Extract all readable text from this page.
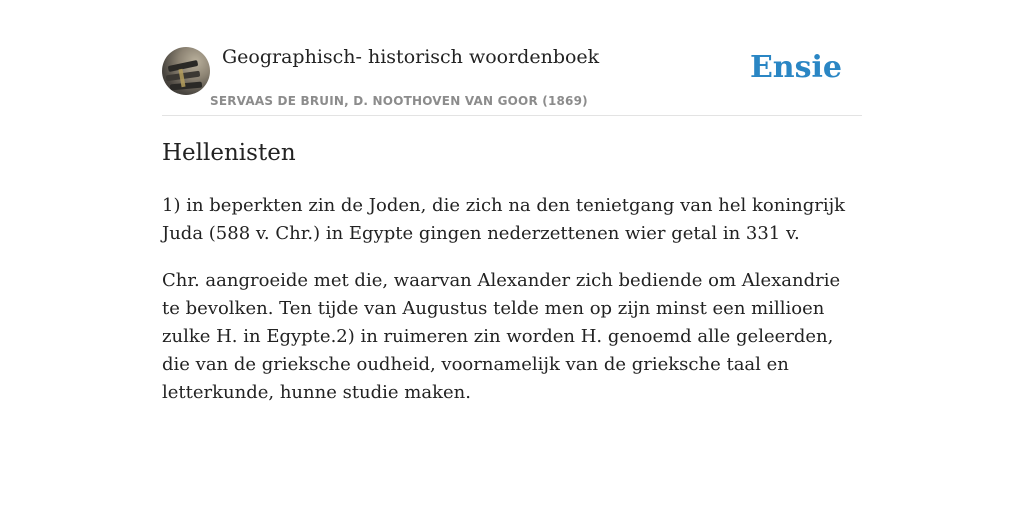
Geographisch- historisch woordenboek
SERVAAS DE BRUIN, D. NOOTHOVEN VAN GOOR (1869)
Ensie
Hellenisten

1) in beperkten zin de Joden, die zich na den tenietgang van hel koningrijk Juda (588 v. Chr.) in Egypte gingen nederzettenen wier getal in 331 v.

Chr. aangroeide met die, waarvan Alexander zich bediende om Alexandrie te bevolken. Ten tijde van Augustus telde men op zijn minst een millioen zulke H. in Egypte.2) in ruimeren zin worden H. genoemd alle geleerden, die van de grieksche oudheid, voornamelijk van de grieksche taal en letterkunde, hunne studie maken.
